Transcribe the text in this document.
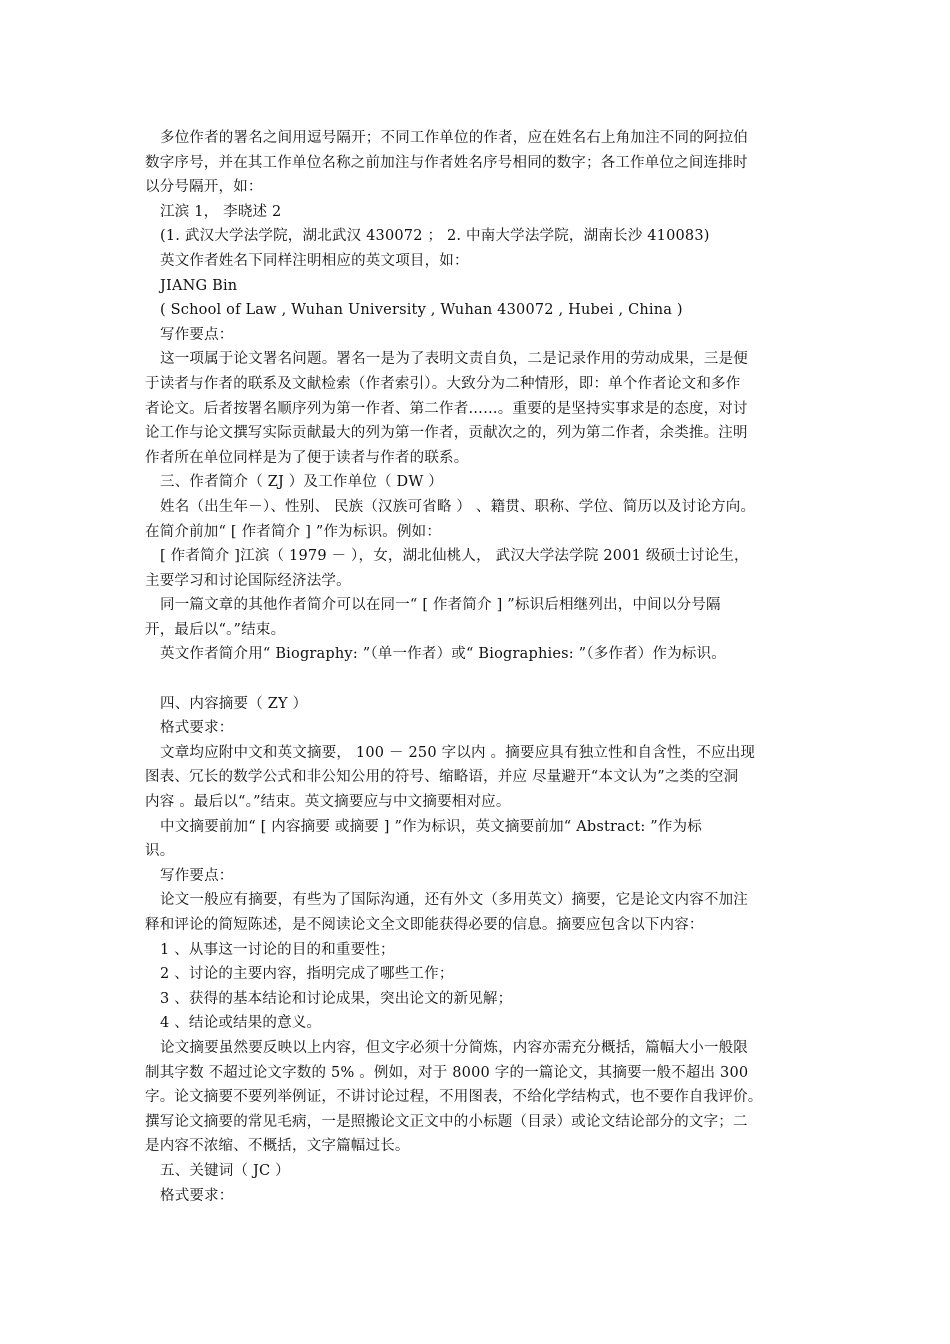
多位作者的署名之间用逗号隔开；不同工作单位的作者，应在姓名右上角加注不同的阿拉伯
数字序号，并在其工作单位名称之前加注与作者姓名序号相同的数字；各工作单位之间连排时
以分号隔开，如：
江滨 1， 李晓述 2
(1. 武汉大学法学院，湖北武汉 430072 ； 2. 中南大学法学院，湖南长沙 410083)
英文作者姓名下同样注明相应的英文项目，如：
JIANG Bin
( School of Law , Wuhan University , Wuhan 430072 , Hubei , China )
写作要点：
这一项属于论文署名问题。署名一是为了表明文责自负，二是记录作用的劳动成果，三是便
于读者与作者的联系及文献检索（作者索引）。大致分为二种情形，即：单个作者论文和多作
者论文。后者按署名顺序列为第一作者、第二作者……。重要的是坚持实事求是的态度，对讨
论工作与论文撰写实际贡献最大的列为第一作者，贡献次之的，列为第二作者，余类推。注明
作者所在单位同样是为了便于读者与作者的联系。
三、作者简介（ ZJ ）及工作单位（ DW ）
姓名（出生年－）、性别、 民族（汉族可省略 ） 、籍贯、职称、学位、简历以及讨论方向。
在简介前加“ [ 作者简介 ] ”作为标识。例如：
[ 作者简介 ]江滨（ 1979 － ），女，湖北仙桃人， 武汉大学法学院 2001 级硕士讨论生，
主要学习和讨论国际经济法学。
同一篇文章的其他作者简介可以在同一“ [ 作者简介 ] ”标识后相继列出，中间以分号隔
开，最后以“。”结束。
英文作者简介用“ Biography: ”（单一作者）或“ Biographies: ”（多作者）作为标识。
四、内容摘要（ ZY ）
格式要求：
文章均应附中文和英文摘要， 100 － 250 字以内 。摘要应具有独立性和自含性，不应出现
图表、冗长的数学公式和非公知公用的符号、缩略语，并应 尽量避开“本文认为”之类的空洞
内容 。最后以“。”结束。英文摘要应与中文摘要相对应。
中文摘要前加“ [ 内容摘要 或摘要 ] ”作为标识，英文摘要前加“ Abstract: ”作为标
识。
写作要点：
论文一般应有摘要，有些为了国际沟通，还有外文（多用英文）摘要，它是论文内容不加注
释和评论的简短陈述，是不阅读论文全文即能获得必要的信息。摘要应包含以下内容：
1 、从事这一讨论的目的和重要性；
2 、讨论的主要内容，指明完成了哪些工作；
3 、获得的基本结论和讨论成果，突出论文的新见解；
4 、结论或结果的意义。
论文摘要虽然要反映以上内容，但文字必须十分简炼，内容亦需充分概括，篇幅大小一般限
制其字数 不超过论文字数的 5% 。例如，对于 8000 字的一篇论文，其摘要一般不超出 300
字。论文摘要不要列举例证，不讲讨论过程，不用图表，不给化学结构式，也不要作自我评价。
撰写论文摘要的常见毛病，一是照搬论文正文中的小标题（目录）或论文结论部分的文字；二
是内容不浓缩、不概括，文字篇幅过长。
五、关键词（ JC ）
格式要求：
